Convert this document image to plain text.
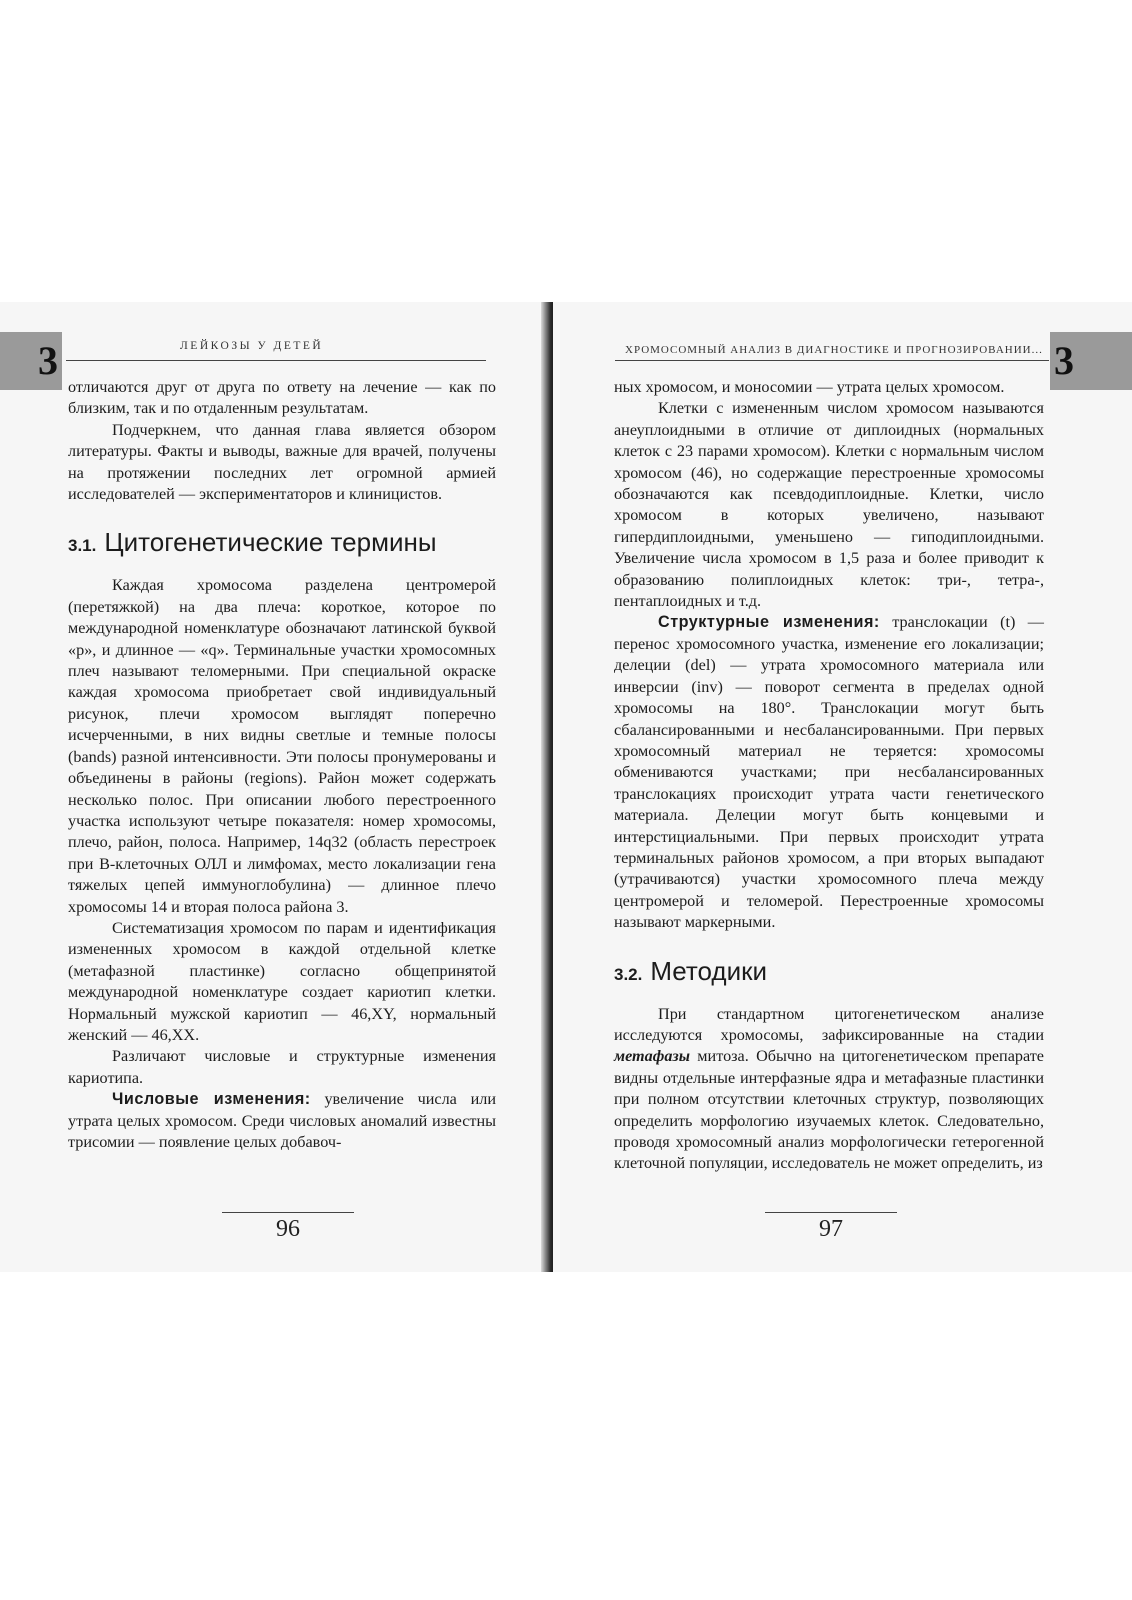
3	ЛЕЙКОЗЫ У ДЕТЕЙ

отличаются друг от друга по ответу на лечение — как по близким, так и по отдаленным результатам.

Подчеркнем, что данная глава является обзором литературы. Факты и выводы, важные для врачей, получены на протяжении последних лет огромной армией исследователей — экспериментаторов и клиницистов.

3.1. Цитогенетические термины

Каждая хромосома разделена центромерой (перетяжкой) на два плеча: короткое, которое по международной номенклатуре обозначают латинской буквой «p», и длинное — «q». Терминальные участки хромосомных плеч называют теломерными. При специальной окраске каждая хромосома приобретает свой индивидуальный рисунок, плечи хромосом выглядят поперечно исчерченными, в них видны светлые и темные полосы (bands) разной интенсивности. Эти полосы пронумерованы и объединены в районы (regions). Район может содержать несколько полос. При описании любого перестроенного участка используют четыре показателя: номер хромосомы, плечо, район, полоса. Например, 14q32 (область перестроек при В-клеточных ОЛЛ и лимфомах, место локализации гена тяжелых цепей иммуноглобулина) — длинное плечо хромосомы 14 и вторая полоса района 3.

Систематизация хромосом по парам и идентификация измененных хромосом в каждой отдельной клетке (метафазной пластинке) согласно общепринятой международной номенклатуре создает кариотип клетки. Нормальный мужской кариотип — 46,XY, нормальный женский — 46,XX.

Различают числовые и структурные изменения кариотипа.

Числовые изменения: увеличение числа или утрата целых хромосом. Среди числовых аномалий известны трисомии — появление целых добавоч-

96
ХРОМОСОМНЫЙ АНАЛИЗ В ДИАГНОСТИКЕ И ПРОГНОЗИРОВАНИИ... 3

ных хромосом, и моносомии — утрата целых хромосом.

Клетки с измененным числом хромосом называются анеуплоидными в отличие от диплоидных (нормальных клеток с 23 парами хромосом). Клетки с нормальным числом хромосом (46), но содержащие перестроенные хромосомы обозначаются как псевдодиплоидные. Клетки, число хромосом в которых увеличено, называют гипердиплоидными, уменьшено — гиподиплоидными. Увеличение числа хромосом в 1,5 раза и более приводит к образованию полиплоидных клеток: три-, тетра-, пентаплоидных и т.д.

Структурные изменения: транслокации (t) — перенос хромосомного участка, изменение его локализации; делеции (del) — утрата хромосомного материала или инверсии (inv) — поворот сегмента в пределах одной хромосомы на 180°. Транслокации могут быть сбалансированными и несбалансированными. При первых хромосомный материал не теряется: хромосомы обмениваются участками; при несбалансированных транслокациях происходит утрата части генетического материала. Делеции могут быть концевыми и интерстициальными. При первых происходит утрата терминальных районов хромосом, а при вторых выпадают (утрачиваются) участки хромосомного плеча между центромерой и теломерой. Перестроенные хромосомы называют маркерными.

3.2. Методики

При стандартном цитогенетическом анализе исследуются хромосомы, зафиксированные на стадии метафазы митоза. Обычно на цитогенетическом препарате видны отдельные интерфазные ядра и метафазные пластинки при полном отсутствии клеточных структур, позволяющих определить морфологию изучаемых клеток. Следовательно, проводя хромосомный анализ морфологически гетерогенной клеточной популяции, исследователь не может определить, из

97
